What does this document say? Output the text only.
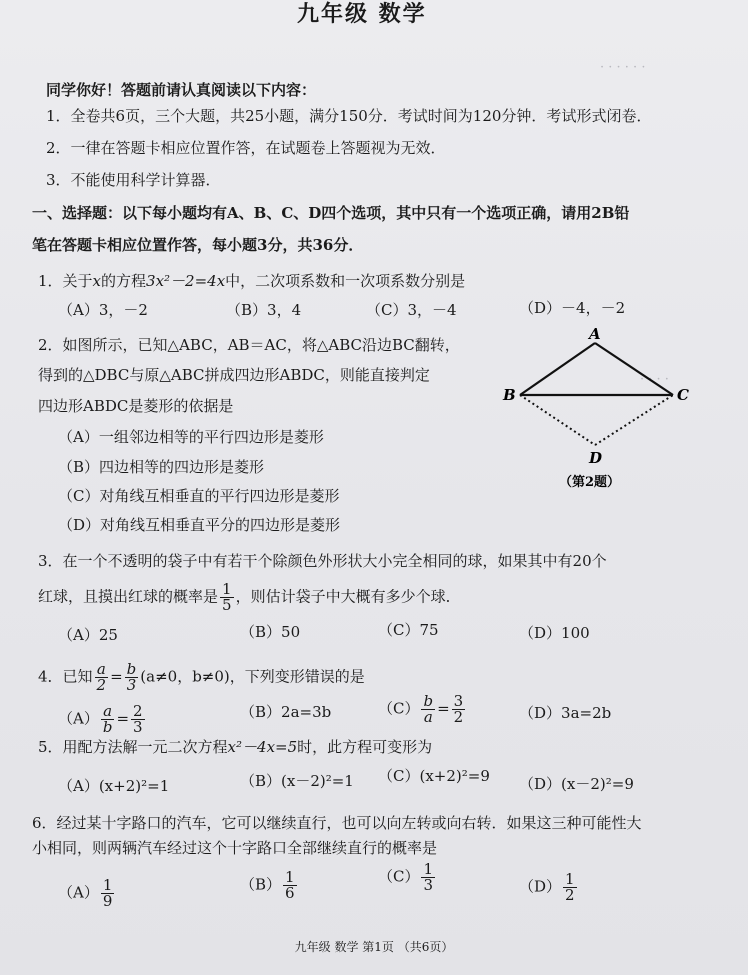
· · · · · ·
· · · ·
九年级 数学
同学你好！答题前请认真阅读以下内容：
1．全卷共6页，三个大题，共25小题，满分150分．考试时间为120分钟．考试形式闭卷．
2．一律在答题卡相应位置作答，在试题卷上答题视为无效．
3．不能使用科学计算器．
一、选择题：以下每小题均有A、B、C、D四个选项，其中只有一个选项正确，请用2B铅
笔在答题卡相应位置作答，每小题3分，共36分．
1．关于x的方程3x²－2=4x中，二次项系数和一次项系数分别是
（A）3，－2	（B）3，4	（C）3，－4	（D）－4，－2
2．如图所示，已知△ABC，AB＝AC，将△ABC沿边BC翻转，
得到的△DBC与原△ABC拼成四边形ABDC，则能直接判定
四边形ABDC是菱形的依据是
（A）一组邻边相等的平行四边形是菱形
（B）四边相等的四边形是菱形
（C）对角线互相垂直的平行四边形是菱形
（D）对角线互相垂直平分的四边形是菱形
A
B	C
D
（第2题）
3．在一个不透明的袋子中有若干个除颜色外形状大小完全相同的球，如果其中有20个
红球，且摸出红球的概率是 $\frac{1}{5}$ ，则估计袋子中大概有多少个球．
（A）25	（B）50	（C）75	（D）100
4．已知 $\frac{a}{2} = \frac{b}{3} (a\ne 0$，b≠0)，下列变形错误的是
$(A) \frac{a}{b} = \frac{2}{3}$	（B）2a=3b	$(C) \frac{b}{a} = \frac{3}{2}$	（D）3a=2b
5．用配方法解一元二次方程x²－4x=5时，此方程可变形为
（A）(x+2)²=1	（B）(x－2)²=1 （C）(x+2)²=9 （D）(x－2)²=9
6．经过某十字路口的汽车，它可以继续直行，也可以向左转或向右转．如果这三种可能性大
小相同，则两辆汽车经过这个十字路口全部继续直行的概率是
$(A) \frac{1}{9}$	$(B) \frac{1}{6}$	$(C) \frac{1}{3}$	$(D) \frac{1}{2}$
九年级 数学 第1页 （共6页）
